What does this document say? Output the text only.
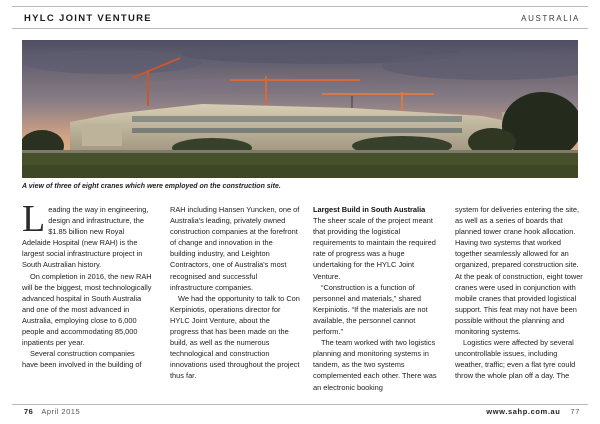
HYLC JOINT VENTURE	AUSTRALIA
A view of three of eight cranes which were employed on the construction site.

Leading the way in engineering, design and infrastructure, the $1.85 billion new Royal Adelaide Hospital (new RAH) is the largest social infrastructure project in South Australian history.

On completion in 2016, the new RAH will be the biggest, most technologically advanced hospital in South Australia and one of the most advanced in Australia, employing close to 6,000 people and accommodating 85,000 inpatients per year.

Several construction companies have been involved in the building of

RAH including Hansen Yuncken, one of Australia's leading, privately owned construction companies at the forefront of change and innovation in the building industry, and Leighton Contractors, one of Australia's most recognised and successful infrastructure companies.

We had the opportunity to talk to Con Kerpiniotis, operations director for HYLC Joint Venture, about the progress that has been made on the build, as well as the numerous technological and construction innovations used throughout the project thus far.

Largest Build in South Australia

The sheer scale of the project meant that providing the logistical requirements to maintain the required rate of progress was a huge undertaking for the HYLC Joint Venture.

“Construction is a function of personnel and materials,” shared Kerpiniotis. “If the materials are not available, the personnel cannot perform.”

The team worked with two logistics planning and monitoring systems in tandem, as the two systems complemented each other. There was an electronic booking

system for deliveries entering the site, as well as a series of boards that planned tower crane hook allocation. Having two systems that worked together seamlessly allowed for an organized, prepared construction site. At the peak of construction, eight tower cranes were used in conjunction with mobile cranes that provided logistical support. This feat may not have been possible without the planning and monitoring systems.

Logistics were affected by several uncontrollable issues, including weather, traffic; even a flat tyre could throw the whole plan off a day. The

76 April 2015	www.sahp.com.au 77
